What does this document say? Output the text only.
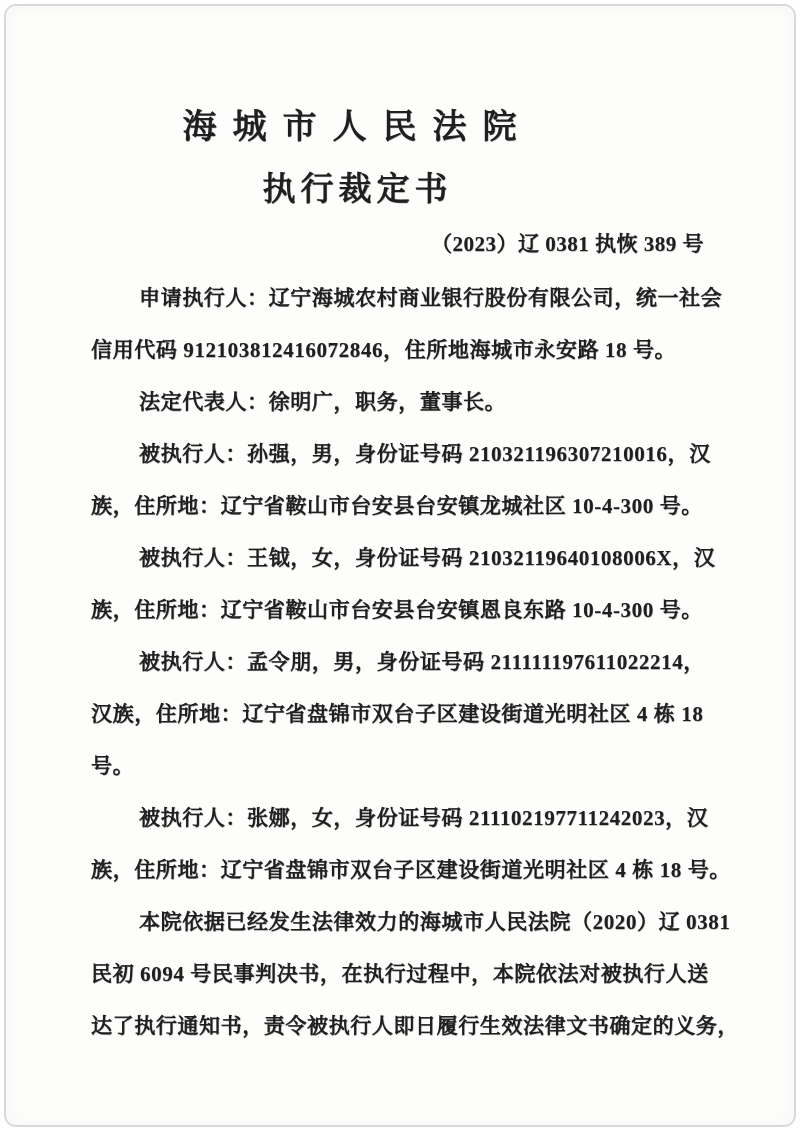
海城市人民法院
执行裁定书
（2023）辽 0381 执恢 389 号

申请执行人：辽宁海城农村商业银行股份有限公司，统一社会

信用代码 912103812416072846，住所地海城市永安路 18 号。

法定代表人：徐明广，职务，董事长。

被执行人：孙强，男，身份证号码 210321196307210016，汉

族，住所地：辽宁省鞍山市台安县台安镇龙城社区 10-4-300 号。

被执行人：王钺，女，身份证号码 21032119640108006X，汉

族，住所地：辽宁省鞍山市台安县台安镇恩良东路 10-4-300 号。

被执行人：孟令朋，男，身份证号码 211111197611022214，

汉族，住所地：辽宁省盘锦市双台子区建设街道光明社区 4 栋 18

号。

被执行人：张娜，女，身份证号码 211102197711242023，汉

族，住所地：辽宁省盘锦市双台子区建设街道光明社区 4 栋 18 号。

本院依据已经发生法律效力的海城市人民法院（2020）辽 0381

民初 6094 号民事判决书，在执行过程中，本院依法对被执行人送

达了执行通知书，责令被执行人即日履行生效法律文书确定的义务，
